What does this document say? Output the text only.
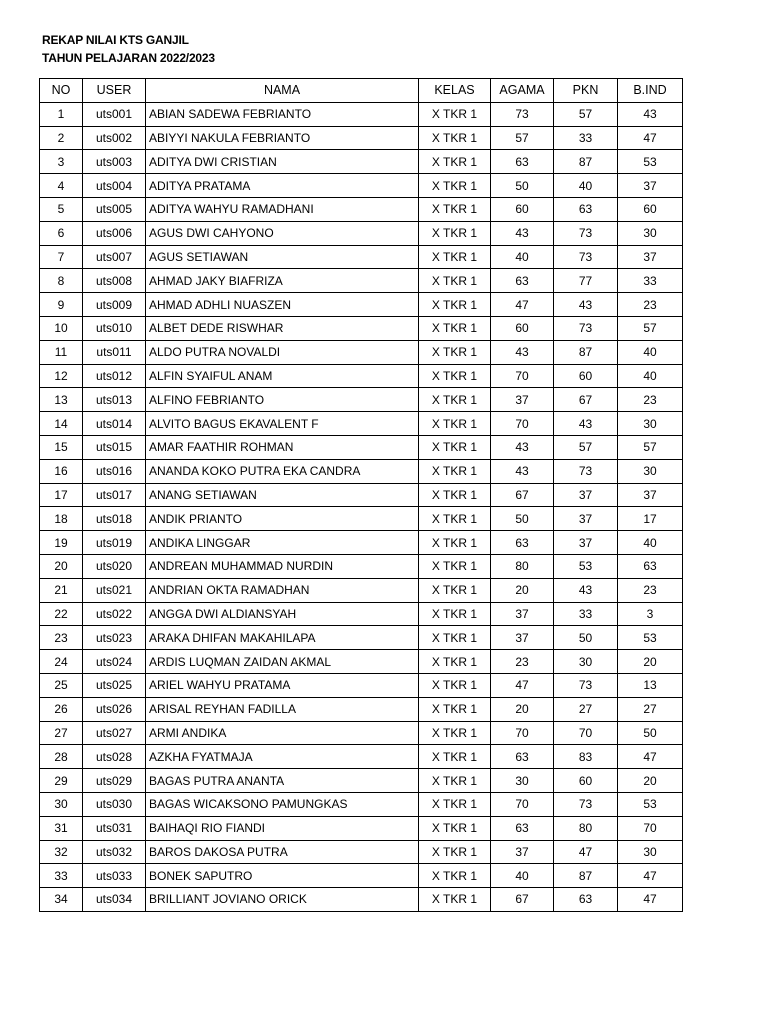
REKAP NILAI KTS GANJIL
TAHUN PELAJARAN 2022/2023
NO	USER	NAMA	KELAS	AGAMA	PKN	B.IND
1	uts001	ABIAN SADEWA FEBRIANTO	X TKR 1	73	57	43
2	uts002	ABIYYI NAKULA FEBRIANTO	X TKR 1	57	33	47
3	uts003	ADITYA DWI CRISTIAN	X TKR 1	63	87	53
4	uts004	ADITYA PRATAMA	X TKR 1	50	40	37
5	uts005	ADITYA WAHYU RAMADHANI	X TKR 1	60	63	60
6	uts006	AGUS DWI CAHYONO	X TKR 1	43	73	30
7	uts007	AGUS SETIAWAN	X TKR 1	40	73	37
8	uts008	AHMAD JAKY BIAFRIZA	X TKR 1	63	77	33
9	uts009	AHMAD ADHLI NUASZEN	X TKR 1	47	43	23
10	uts010	ALBET DEDE RISWHAR	X TKR 1	60	73	57
11	uts011	ALDO PUTRA NOVALDI	X TKR 1	43	87	40
12	uts012	ALFIN SYAIFUL ANAM	X TKR 1	70	60	40
13	uts013	ALFINO FEBRIANTO	X TKR 1	37	67	23
14	uts014	ALVITO BAGUS EKAVALENT F	X TKR 1	70	43	30
15	uts015	AMAR FAATHIR ROHMAN	X TKR 1	43	57	57
16	uts016	ANANDA KOKO PUTRA EKA CANDRA	X TKR 1	43	73	30
17	uts017	ANANG SETIAWAN	X TKR 1	67	37	37
18	uts018	ANDIK PRIANTO	X TKR 1	50	37	17
19	uts019	ANDIKA LINGGAR	X TKR 1	63	37	40
20	uts020	ANDREAN MUHAMMAD NURDIN	X TKR 1	80	53	63
21	uts021	ANDRIAN OKTA RAMADHAN	X TKR 1	20	43	23
22	uts022	ANGGA DWI ALDIANSYAH	X TKR 1	37	33	3
23	uts023	ARAKA DHIFAN MAKAHILAPA	X TKR 1	37	50	53
24	uts024	ARDIS LUQMAN ZAIDAN AKMAL	X TKR 1	23	30	20
25	uts025	ARIEL WAHYU PRATAMA	X TKR 1	47	73	13
26	uts026	ARISAL REYHAN FADILLA	X TKR 1	20	27	27
27	uts027	ARMI ANDIKA	X TKR 1	70	70	50
28	uts028	AZKHA FYATMAJA	X TKR 1	63	83	47
29	uts029	BAGAS PUTRA ANANTA	X TKR 1	30	60	20
30	uts030	BAGAS WICAKSONO PAMUNGKAS	X TKR 1	70	73	53
31	uts031	BAIHAQI RIO FIANDI	X TKR 1	63	80	70
32	uts032	BAROS DAKOSA PUTRA	X TKR 1	37	47	30
33	uts033	BONEK SAPUTRO	X TKR 1	40	87	47
34	uts034	BRILLIANT JOVIANO ORICK	X TKR 1	67	63	47
